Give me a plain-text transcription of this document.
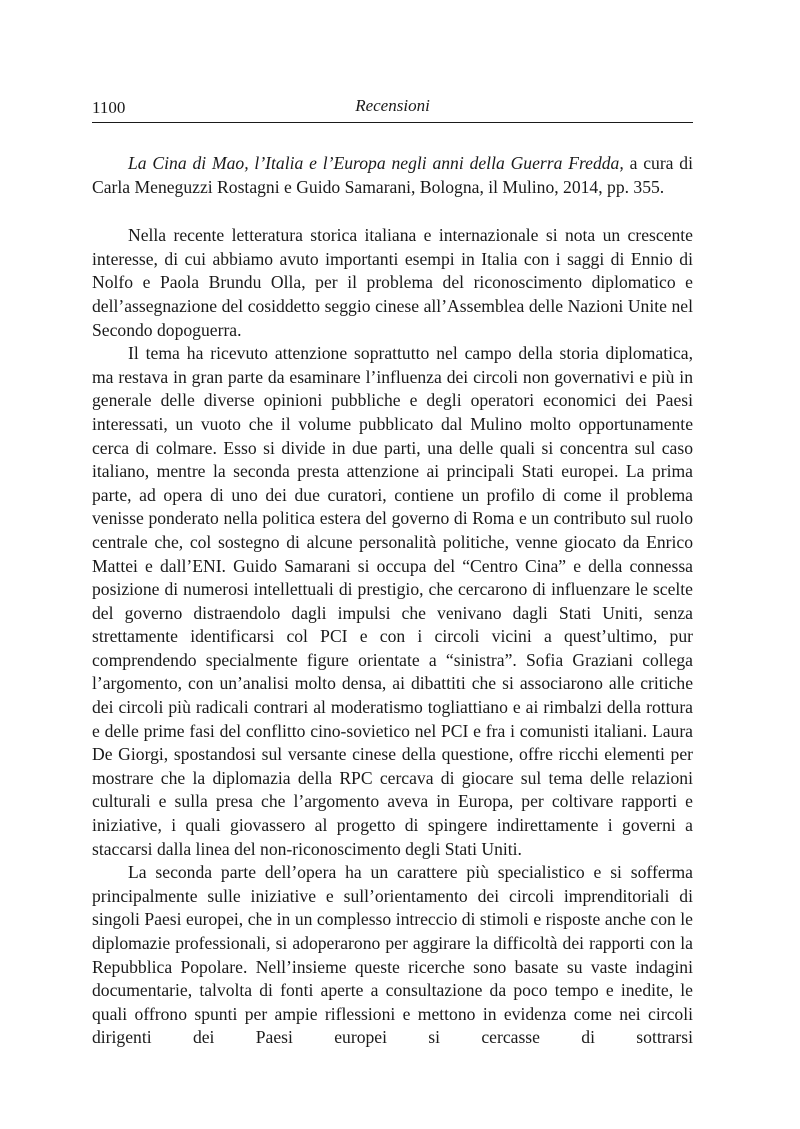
1100	Recensioni

La Cina di Mao, l’Italia e l’Europa negli anni della Guerra Fredda, a cura di Carla Meneguzzi Rostagni e Guido Samarani, Bologna, il Mulino, 2014, pp. 355.

Nella recente letteratura storica italiana e internazionale si nota un crescente interesse, di cui abbiamo avuto importanti esempi in Italia con i saggi di Ennio di Nolfo e Paola Brundu Olla, per il problema del riconoscimento diplomatico e dell’assegnazione del cosiddetto seggio cinese all’Assemblea delle Nazioni Unite nel Secondo dopoguerra.

Il tema ha ricevuto attenzione soprattutto nel campo della storia diplomatica, ma restava in gran parte da esaminare l’influenza dei circoli non governativi e più in generale delle diverse opinioni pubbliche e degli operatori economici dei Paesi interessati, un vuoto che il volume pubblicato dal Mulino molto opportunamente cerca di colmare. Esso si divide in due parti, una delle quali si concentra sul caso italiano, mentre la seconda presta attenzione ai principali Stati europei. La prima parte, ad opera di uno dei due curatori, contiene un profilo di come il problema venisse ponderato nella politica estera del governo di Roma e un contributo sul ruolo centrale che, col sostegno di alcune personalità politiche, venne giocato da Enrico Mattei e dall’ENI. Guido Samarani si occupa del “Centro Cina” e della connessa posizione di numerosi intellettuali di prestigio, che cercarono di influenzare le scelte del governo distraendolo dagli impulsi che venivano dagli Stati Uniti, senza strettamente identificarsi col PCI e con i circoli vicini a quest’ultimo, pur comprendendo specialmente figure orientate a “sinistra”. Sofia Graziani collega l’argomento, con un’analisi molto densa, ai dibattiti che si associarono alle critiche dei circoli più radicali contrari al moderatismo togliattiano e ai rimbalzi della rottura e delle prime fasi del conflitto cino-sovietico nel PCI e fra i comunisti italiani. Laura De Giorgi, spostandosi sul versante cinese della questione, offre ricchi elementi per mostrare che la diplomazia della RPC cercava di giocare sul tema delle relazioni culturali e sulla presa che l’argomento aveva in Europa, per coltivare rapporti e iniziative, i quali giovassero al progetto di spingere indirettamente i governi a staccarsi dalla linea del non-riconoscimento degli Stati Uniti.

La seconda parte dell’opera ha un carattere più specialistico e si sofferma principalmente sulle iniziative e sull’orientamento dei circoli imprenditoriali di singoli Paesi europei, che in un complesso intreccio di stimoli e risposte anche con le diplomazie professionali, si adoperarono per aggirare la difficoltà dei rapporti con la Repubblica Popolare. Nell’insieme queste ricerche sono basate su vaste indagini documentarie, talvolta di fonti aperte a consultazione da poco tempo e inedite, le quali offrono spunti per ampie riflessioni e mettono in evidenza come nei circoli dirigenti dei Paesi europei si cercasse di sottrarsi
